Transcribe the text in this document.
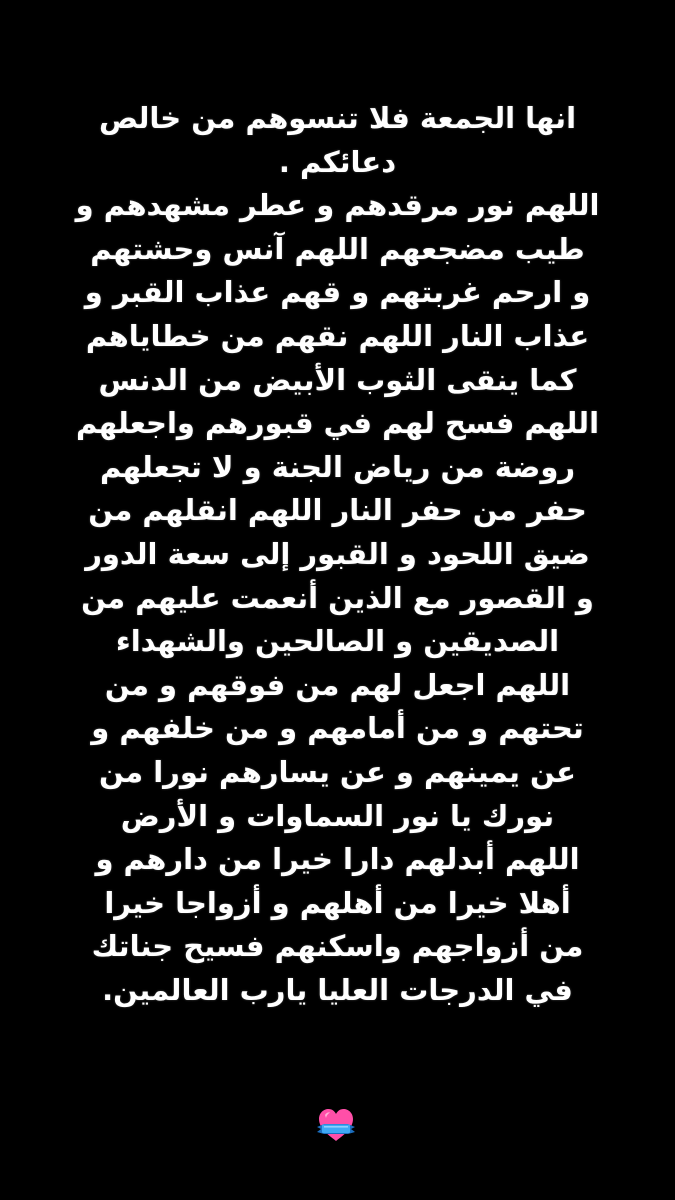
انها الجمعة فلا تنسوهم من خالص
دعائكم .
اللهم نور مرقدهم و عطر مشهدهم و
طيب مضجعهم اللهم آنس وحشتهم
و ارحم غربتهم و قهم عذاب القبر و
عذاب النار اللهم نقهم من خطاياهم
كما ينقى الثوب الأبيض من الدنس
اللهم فسح لهم في قبورهم واجعلهم
روضة من رياض الجنة و لا تجعلهم
حفر من حفر النار اللهم انقلهم من
ضيق اللحود و القبور إلى سعة الدور
و القصور مع الذين أنعمت عليهم من
الصديقين و الصالحين والشهداء
اللهم اجعل لهم من فوقهم و من
تحتهم و من أمامهم و من خلفهم و
عن يمينهم و عن يسارهم نورا من
نورك يا نور السماوات و الأرض
اللهم أبدلهم دارا خيرا من دارهم و
أهلا خيرا من أهلهم و أزواجا خيرا
من أزواجهم واسكنهم فسيح جناتك
في الدرجات العليا يارب العالمين.
